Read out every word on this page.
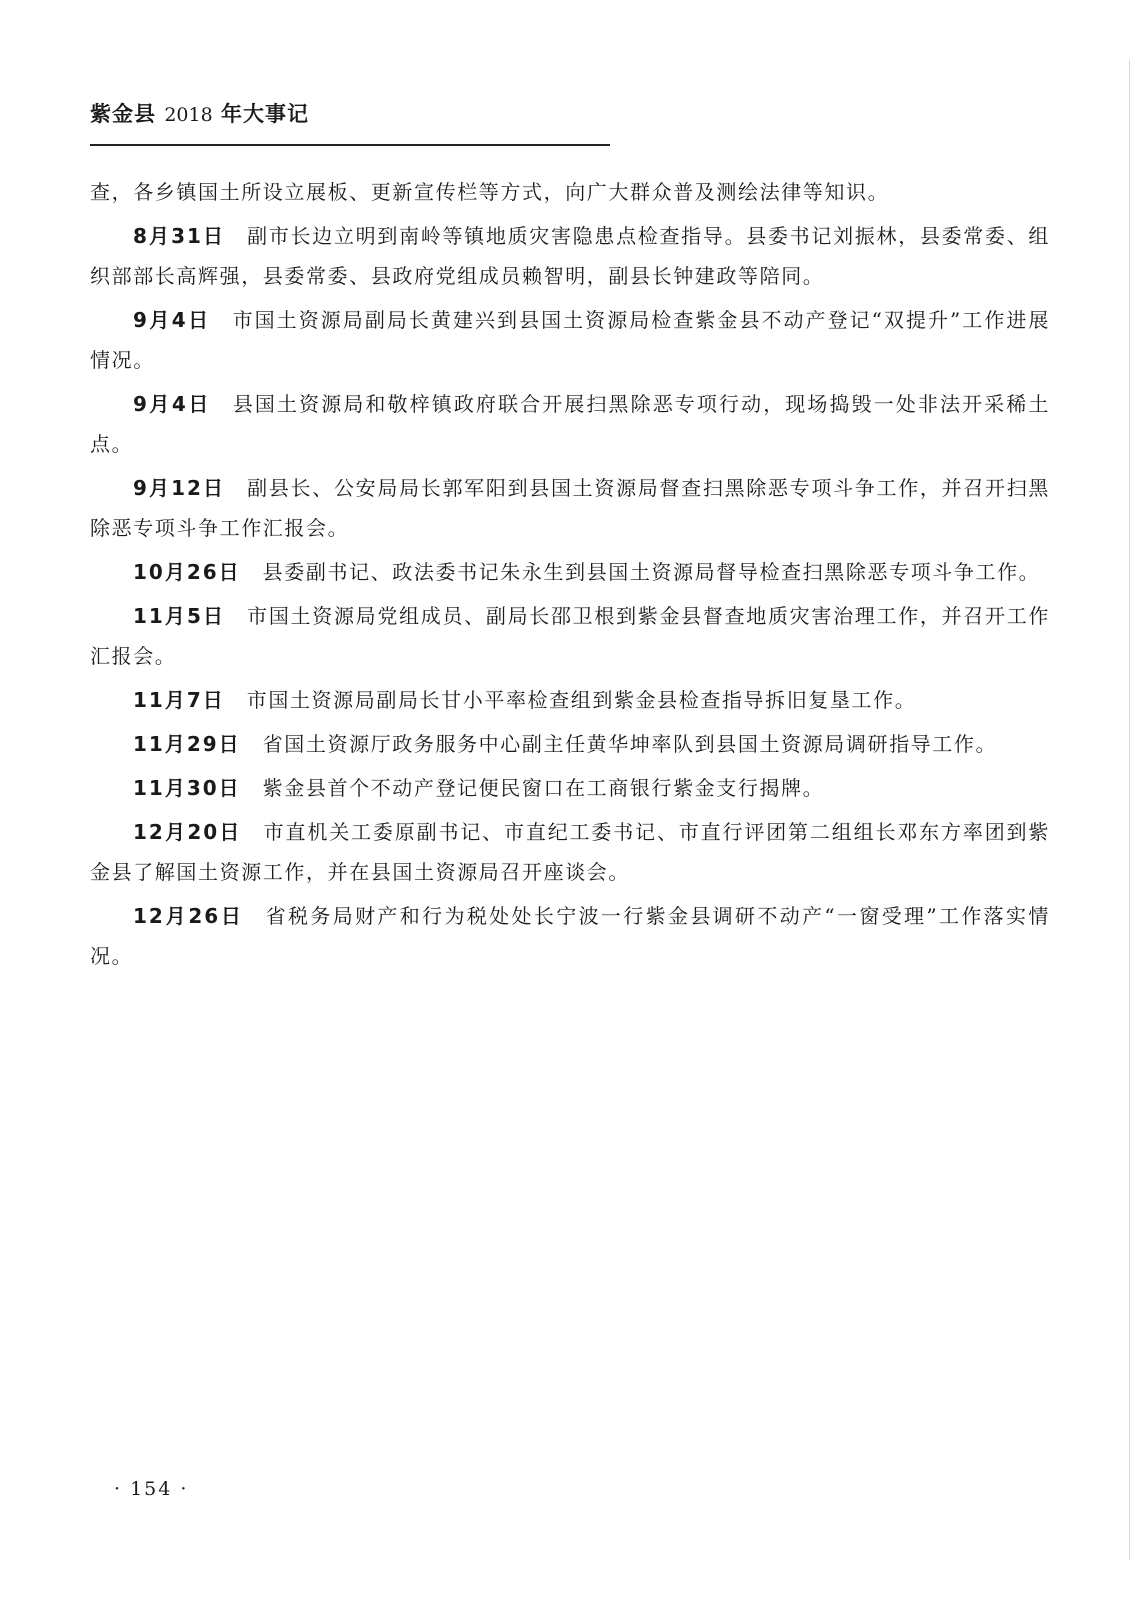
紫金县 2018 年大事记

查，各乡镇国土所设立展板、更新宣传栏等方式，向广大群众普及测绘法律等知识。

8月31日 副市长边立明到南岭等镇地质灾害隐患点检查指导。县委书记刘振林，县委常委、组织部部长高辉强，县委常委、县政府党组成员赖智明，副县长钟建政等陪同。

9月4日 市国土资源局副局长黄建兴到县国土资源局检查紫金县不动产登记“双提升”工作进展情况。

9月4日 县国土资源局和敬梓镇政府联合开展扫黑除恶专项行动，现场捣毁一处非法开采稀土点。

9月12日 副县长、公安局局长郭军阳到县国土资源局督查扫黑除恶专项斗争工作，并召开扫黑除恶专项斗争工作汇报会。

10月26日 县委副书记、政法委书记朱永生到县国土资源局督导检查扫黑除恶专项斗争工作。

11月5日 市国土资源局党组成员、副局长邵卫根到紫金县督查地质灾害治理工作，并召开工作汇报会。

11月7日 市国土资源局副局长甘小平率检查组到紫金县检查指导拆旧复垦工作。

11月29日 省国土资源厅政务服务中心副主任黄华坤率队到县国土资源局调研指导工作。

11月30日 紫金县首个不动产登记便民窗口在工商银行紫金支行揭牌。

12月20日 市直机关工委原副书记、市直纪工委书记、市直行评团第二组组长邓东方率团到紫金县了解国土资源工作，并在县国土资源局召开座谈会。

12月26日 省税务局财产和行为税处处长宁波一行紫金县调研不动产“一窗受理”工作落实情况。

· 154 ·
